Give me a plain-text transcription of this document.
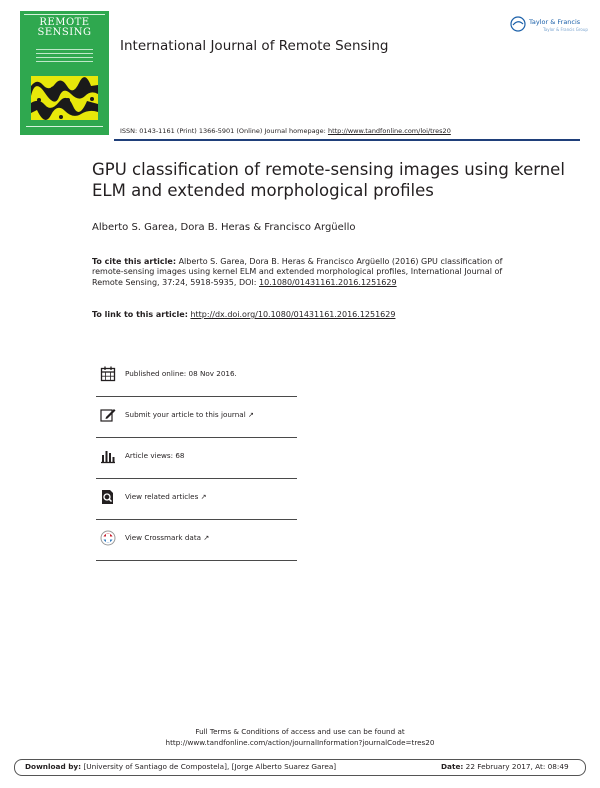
REMOTE
SENSING
International Journal of Remote Sensing
Taylor & Francis
Taylor & Francis Group
ISSN: 0143-1161 (Print) 1366-5901 (Online) Journal homepage: http://www.tandfonline.com/loi/tres20
GPU classification of remote-sensing images using kernel ELM and extended morphological profiles
Alberto S. Garea, Dora B. Heras & Francisco Argüello
To cite this article: Alberto S. Garea, Dora B. Heras & Francisco Argüello (2016) GPU classification of remote-sensing images using kernel ELM and extended morphological profiles, International Journal of Remote Sensing, 37:24, 5918-5935, DOI: 10.1080/01431161.2016.1251629
To link to this article: http://dx.doi.org/10.1080/01431161.2016.1251629
Published online: 08 Nov 2016.
Submit your article to this journal ↗
Article views: 68
View related articles ↗
View Crossmark data ↗
Full Terms & Conditions of access and use can be found at
http://www.tandfonline.com/action/journalInformation?journalCode=tres20
Download by: [University of Santiago de Compostela], [Jorge Alberto Suarez Garea]	Date: 22 February 2017, At: 08:49
